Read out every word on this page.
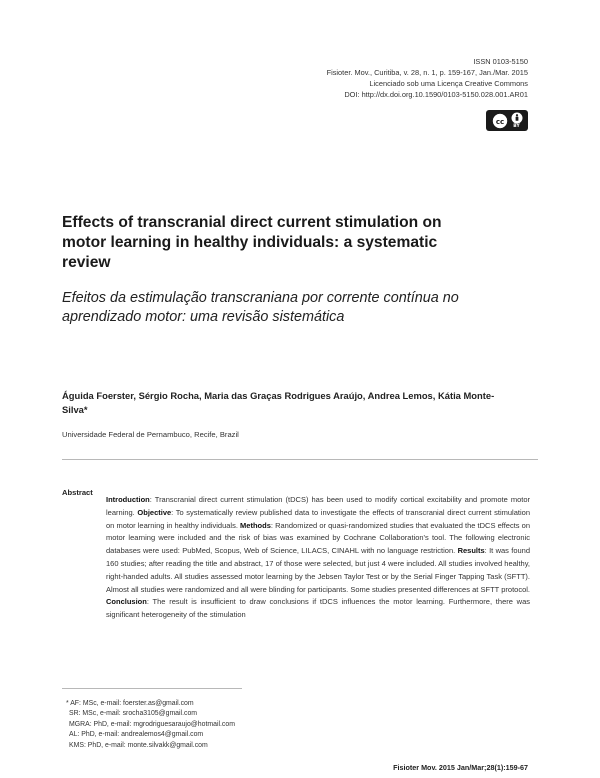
ISSN 0103-5150
Fisioter. Mov., Curitiba, v. 28, n. 1, p. 159-167, Jan./Mar. 2015
Licenciado sob uma Licença Creative Commons
DOI: http://dx.doi.org.10.1590/0103-5150.028.001.AR01
cc
BY
Effects of transcranial direct current stimulation on motor learning in healthy individuals: a systematic review
Efeitos da estimulação transcraniana por corrente contínua no aprendizado motor: uma revisão sistemática
Águida Foerster, Sérgio Rocha, Maria das Graças Rodrigues Araújo, Andrea Lemos, Kátia Monte-Silva*
Universidade Federal de Pernambuco, Recife, Brazil
Abstract
Introduction: Transcranial direct current stimulation (tDCS) has been used to modify cortical excitability and promote motor learning. Objective: To systematically review published data to investigate the effects of transcranial direct current stimulation on motor learning in healthy individuals. Methods: Randomized or quasi-randomized studies that evaluated the tDCS effects on motor learning were included and the risk of bias was examined by Cochrane Collaboration's tool. The following electronic databases were used: PubMed, Scopus, Web of Science, LILACS, CINAHL with no language restriction. Results: It was found 160 studies; after reading the title and abstract, 17 of those were selected, but just 4 were included. All studies involved healthy, right-handed adults. All studies assessed motor learning by the Jebsen Taylor Test or by the Serial Finger Tapping Task (SFTT). Almost all studies were randomized and all were blinding for participants. Some studies presented differences at SFTT protocol. Conclusion: The result is insufficient to draw conclusions if tDCS influences the motor learning. Furthermore, there was significant heterogeneity of the stimulation
* AF : MSc, e-mail: foerster.as@gmail.com
SR : MSc, e-mail: srocha3105@gmail.com
MGRA : PhD, e-mail: mgrodriguesaraujo@hotmail.com
AL : PhD, e-mail: andrealemos4@gmail.com
KMS : PhD, e-mail: monte.silvakk@gmail.com
Fisioter Mov. 2015 Jan/Mar;28(1):159-67
